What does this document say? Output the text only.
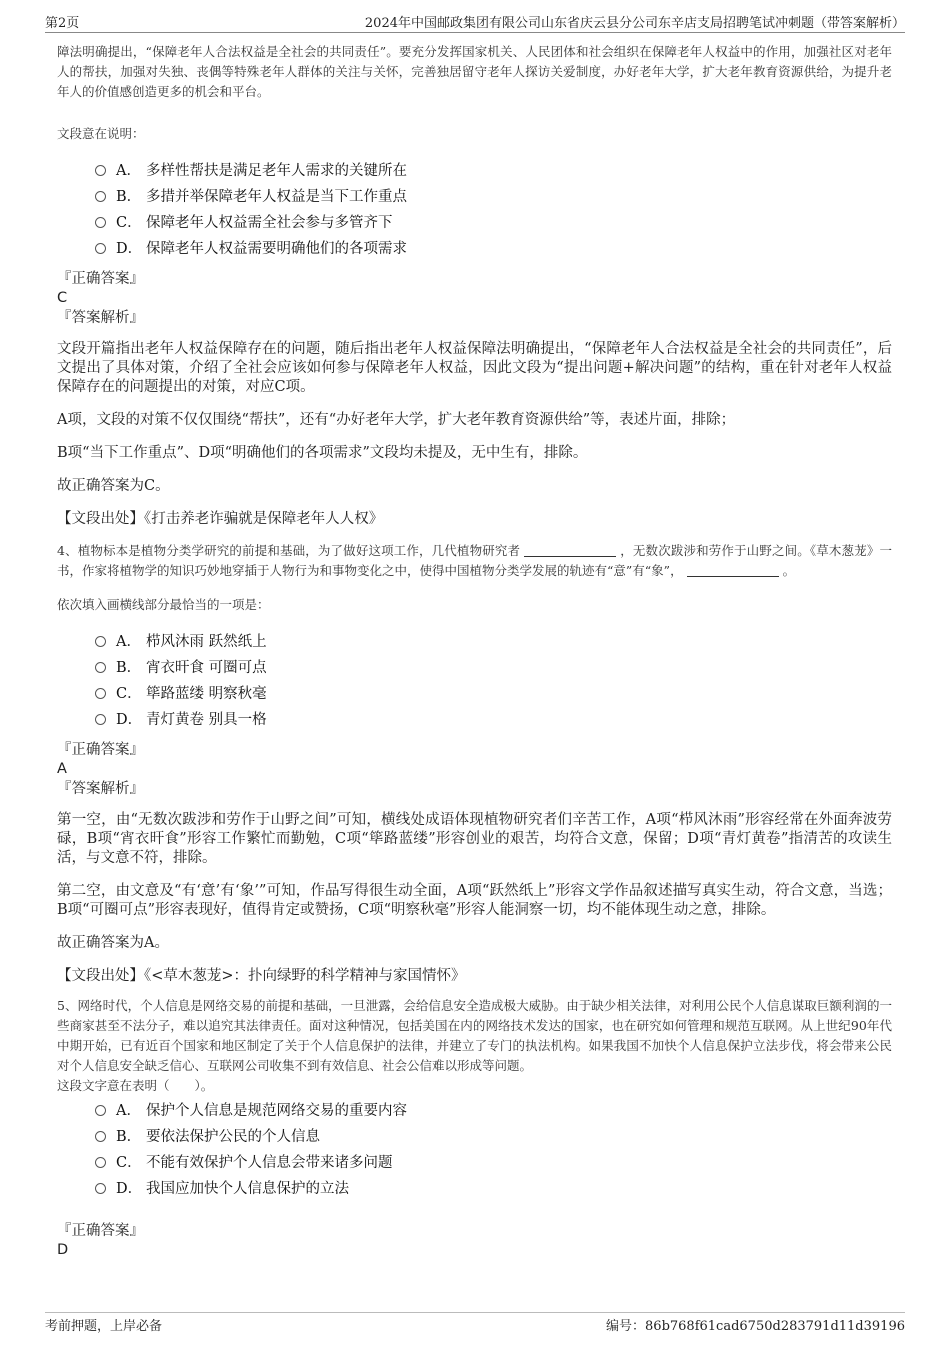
第2页	2024年中国邮政集团有限公司山东省庆云县分公司东辛店支局招聘笔试冲刺题（带答案解析）

障法明确提出，“保障老年人合法权益是全社会的共同责任”。要充分发挥国家机关、人民团体和社会组织在保障老年人权益中的作用，加强社区对老年人的帮扶，加强对失独、丧偶等特殊老年人群体的关注与关怀，完善独居留守老年人探访关爱制度，办好老年大学，扩大老年教育资源供给，为提升老年人的价值感创造更多的机会和平台。

文段意在说明：
A． 多样性帮扶是满足老年人需求的关键所在
B． 多措并举保障老年人权益是当下工作重点
C． 保障老年人权益需全社会参与多管齐下
D． 保障老年人权益需要明确他们的各项需求

『正确答案』

C

『答案解析』

文段开篇指出老年人权益保障存在的问题，随后指出老年人权益保障法明确提出，“保障老年人合法权益是全社会的共同责任”，后文提出了具体对策，介绍了全社会应该如何参与保障老年人权益，因此文段为“提出问题+解决问题”的结构，重在针对老年人权益保障存在的问题提出的对策，对应C项。

A项，文段的对策不仅仅围绕“帮扶”，还有“办好老年大学，扩大老年教育资源供给”等，表述片面，排除；

B项“当下工作重点”、D项“明确他们的各项需求”文段均未提及，无中生有，排除。

故正确答案为C。

【文段出处】《打击养老诈骗就是保障老年人人权》

4、植物标本是植物分类学研究的前提和基础，为了做好这项工作，几代植物研究者	，无数次跋涉和劳作于山野之间。《草木葱茏》一书，作家将植物学的知识巧妙地穿插于人物行为和事物变化之中，使得中国植物分类学发展的轨迹有“意”有“象”，	。

依次填入画横线部分最恰当的一项是：
A． 栉风沐雨 跃然纸上
B． 宵衣旰食 可圈可点
C． 筚路蓝缕 明察秋毫
D． 青灯黄卷 别具一格

『正确答案』

A

『答案解析』

第一空，由“无数次跋涉和劳作于山野之间”可知，横线处成语体现植物研究者们辛苦工作，A项“栉风沐雨”形容经常在外面奔波劳碌，B项“宵衣旰食”形容工作繁忙而勤勉，C项“筚路蓝缕”形容创业的艰苦，均符合文意，保留；D项“青灯黄卷”指清苦的攻读生活，与文意不符，排除。

第二空，由文意及“有‘意’有‘象’”可知，作品写得很生动全面，A项“跃然纸上”形容文学作品叙述描写真实生动，符合文意，当选；B项“可圈可点”形容表现好，值得肯定或赞扬，C项“明察秋毫”形容人能洞察一切，均不能体现生动之意，排除。

故正确答案为A。

【文段出处】《<草木葱茏>：扑向绿野的科学精神与家国情怀》

5、网络时代，个人信息是网络交易的前提和基础，一旦泄露，会给信息安全造成极大威胁。由于缺少相关法律，对利用公民个人信息谋取巨额利润的一些商家甚至不法分子，难以追究其法律责任。面对这种情况，包括美国在内的网络技术发达的国家，也在研究如何管理和规范互联网。从上世纪90年代中期开始，已有近百个国家和地区制定了关于个人信息保护的法律，并建立了专门的执法机构。如果我国不加快个人信息保护立法步伐，将会带来公民对个人信息安全缺乏信心、互联网公司收集不到有效信息、社会公信难以形成等问题。

这段文字意在表明（　　）。
A． 保护个人信息是规范网络交易的重要内容
B． 要依法保护公民的个人信息
C． 不能有效保护个人信息会带来诸多问题
D． 我国应加快个人信息保护的立法

『正确答案』

D

考前押题，上岸必备	编号：86b768f61cad6750d283791d11d39196
